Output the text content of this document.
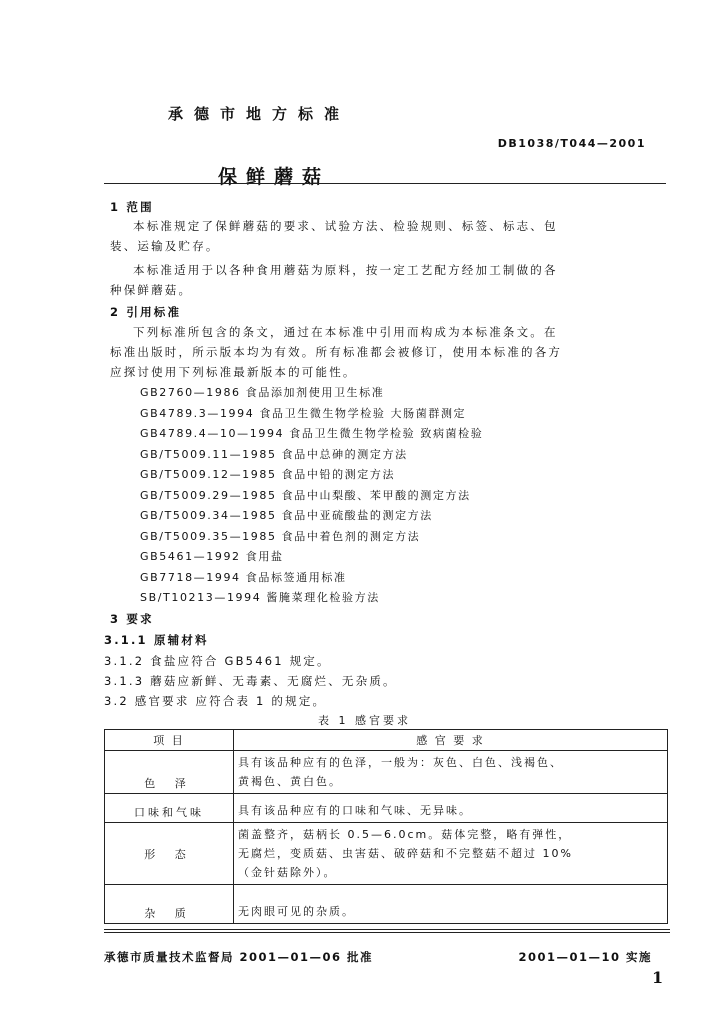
承德市地方标准
DB1038/T044—2001
保鲜蘑菇
1 范围
本标准规定了保鲜蘑菇的要求、试验方法、检验规则、标签、标志、包
装、运输及贮存。
本标准适用于以各种食用蘑菇为原料，按一定工艺配方经加工制做的各
种保鲜蘑菇。
2 引用标准
下列标准所包含的条文，通过在本标准中引用而构成为本标准条文。在
标准出版时，所示版本均为有效。所有标准都会被修订，使用本标准的各方
应探讨使用下列标准最新版本的可能性。
GB2760—1986 食品添加剂使用卫生标准
GB4789.3—1994 食品卫生微生物学检验 大肠菌群测定
GB4789.4—10—1994 食品卫生微生物学检验 致病菌检验
GB/T5009.11—1985 食品中总砷的测定方法
GB/T5009.12—1985 食品中铅的测定方法
GB/T5009.29—1985 食品中山梨酸、苯甲酸的测定方法
GB/T5009.34—1985 食品中亚硫酸盐的测定方法
GB/T5009.35—1985 食品中着色剂的测定方法
GB5461—1992 食用盐
GB7718—1994 食品标签通用标准
SB/T10213—1994 酱腌菜理化检验方法
3 要求
3.1.1 原辅材料
3.1.2 食盐应符合 GB5461 规定。
3.1.3 蘑菇应新鲜、无毒素、无腐烂、无杂质。
3.2 感官要求 应符合表 1 的规定。
表 1 感官要求
项 目	感 官 要 求
色 泽	具有该品种应有的色泽，一般为：灰色、白色、浅褐色、
黄褐色、黄白色。

口味和气味	具有该品种应有的口味和气味、无异味。

形 态	菌盖整齐，菇柄长 0.5—6.0cm。菇体完整，略有弹性，
无腐烂，变质菇、虫害菇、破碎菇和不完整菇不超过 10%
（金针菇除外）。

杂 质	无肉眼可见的杂质。
承德市质量技术监督局 2001—01—06 批准	2001—01—10 实施
1
